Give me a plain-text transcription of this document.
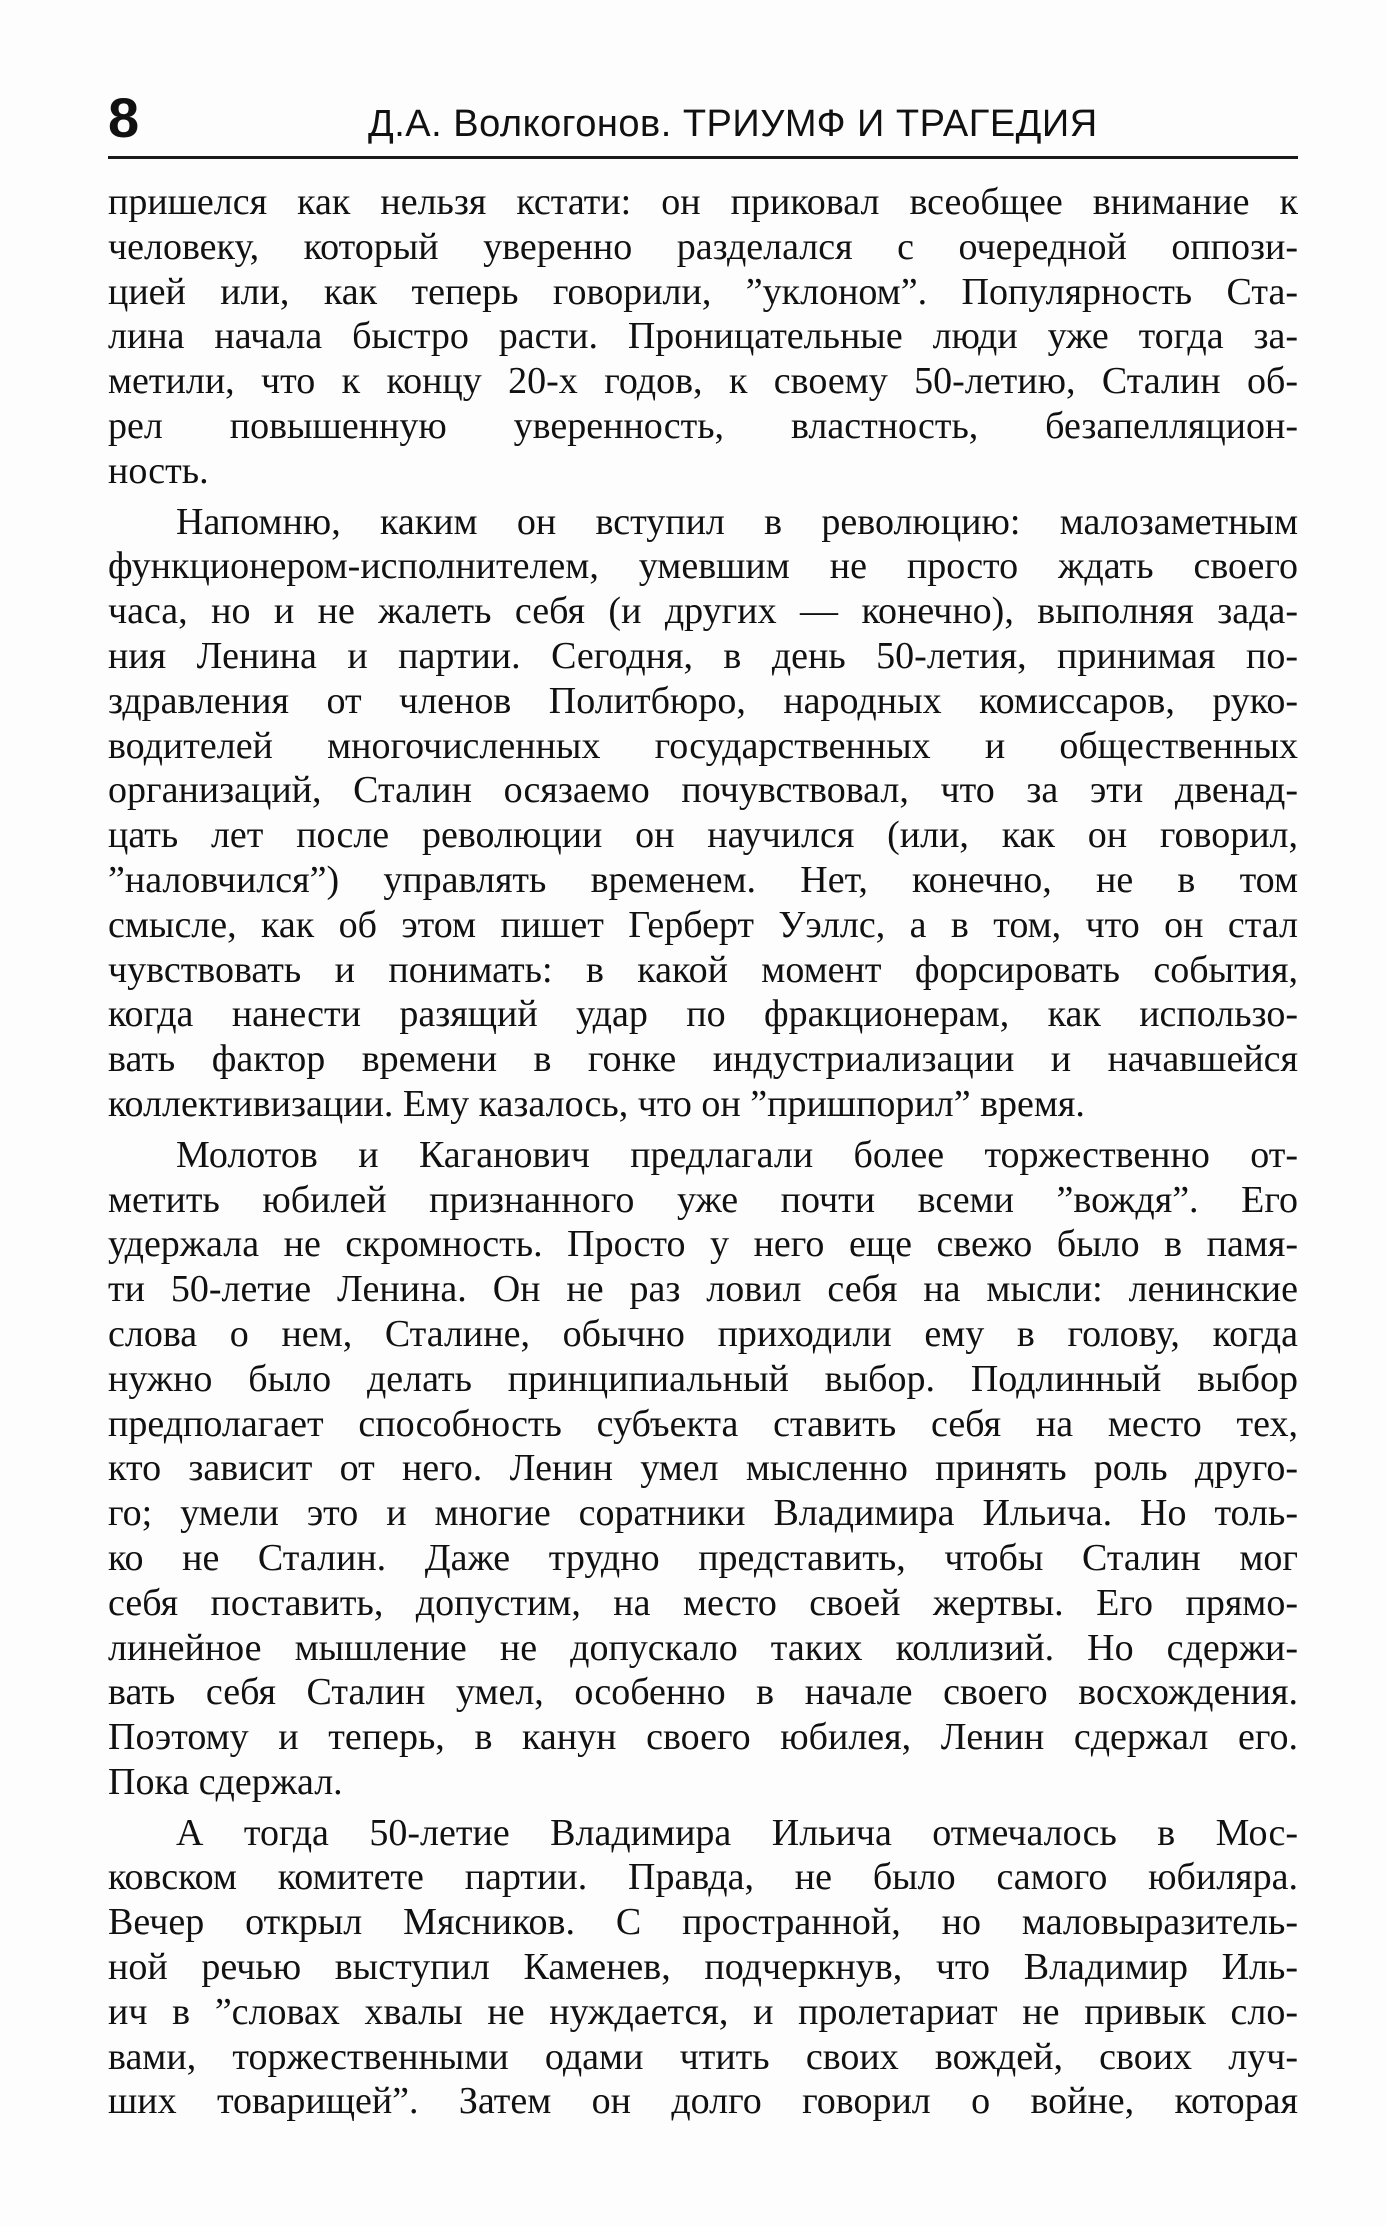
8	Д.А. Волкогонов. ТРИУМФ И ТРАГЕДИЯ

пришелся как нельзя кстати: он приковал всеобщее внимание к
человеку, который уверенно разделался с очередной оппози-
цией или, как теперь говорили, ”уклоном”. Популярность Ста-
лина начала быстро расти. Проницательные люди уже тогда за-
метили, что к концу 20-х годов, к своему 50-летию, Сталин об-
рел повышенную уверенность, властность, безапелляцион-
ность.

Напомню, каким он вступил в революцию: малозаметным
функционером-исполнителем, умевшим не просто ждать своего
часа, но и не жалеть себя (и других — конечно), выполняя зада-
ния Ленина и партии. Сегодня, в день 50-летия, принимая по-
здравления от членов Политбюро, народных комиссаров, руко-
водителей многочисленных государственных и общественных
организаций, Сталин осязаемо почувствовал, что за эти двенад-
цать лет после революции он научился (или, как он говорил,
”наловчился”) управлять временем. Нет, конечно, не в том
смысле, как об этом пишет Герберт Уэллс, а в том, что он стал
чувствовать и понимать: в какой момент форсировать события,
когда нанести разящий удар по фракционерам, как использо-
вать фактор времени в гонке индустриализации и начавшейся
коллективизации. Ему казалось, что он ”пришпорил” время.

Молотов и Каганович предлагали более торжественно от-
метить юбилей признанного уже почти всеми ”вождя”. Его
удержала не скромность. Просто у него еще свежо было в памя-
ти 50-летие Ленина. Он не раз ловил себя на мысли: ленинские
слова о нем, Сталине, обычно приходили ему в голову, когда
нужно было делать принципиальный выбор. Подлинный выбор
предполагает способность субъекта ставить себя на место тех,
кто зависит от него. Ленин умел мысленно принять роль друго-
го; умели это и многие соратники Владимира Ильича. Но толь-
ко не Сталин. Даже трудно представить, чтобы Сталин мог
себя поставить, допустим, на место своей жертвы. Его прямо-
линейное мышление не допускало таких коллизий. Но сдержи-
вать себя Сталин умел, особенно в начале своего восхождения.
Поэтому и теперь, в канун своего юбилея, Ленин сдержал его.
Пока сдержал.

А тогда 50-летие Владимира Ильича отмечалось в Мос-
ковском комитете партии. Правда, не было самого юбиляра.
Вечер открыл Мясников. С пространной, но маловыразитель-
ной речью выступил Каменев, подчеркнув, что Владимир Иль-
ич в ”словах хвалы не нуждается, и пролетариат не привык сло-
вами, торжественными одами чтить своих вождей, своих луч-
ших товарищей”. Затем он долго говорил о войне, которая
